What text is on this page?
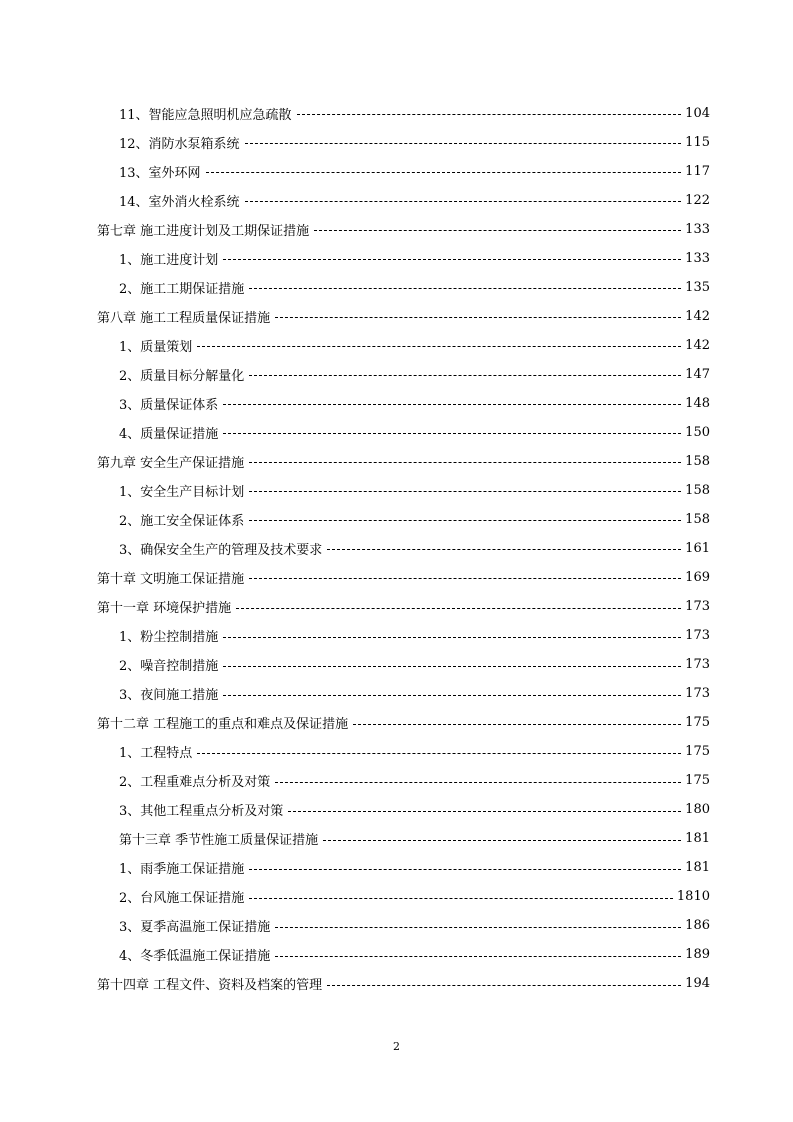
11、智能应急照明机应急疏散	104
12、消防水泵箱系统	115
13、室外环网	117
14、室外消火栓系统	122
第七章 施工进度计划及工期保证措施	133
1、施工进度计划	133
2、施工工期保证措施	135
第八章 施工工程质量保证措施	142
1、质量策划	142
2、质量目标分解量化	147
3、质量保证体系	148
4、质量保证措施	150
第九章 安全生产保证措施	158
1、安全生产目标计划	158
2、施工安全保证体系	158
3、确保安全生产的管理及技术要求	161
第十章 文明施工保证措施	169
第十一章 环境保护措施	173
1、粉尘控制措施	173
2、噪音控制措施	173
3、夜间施工措施	173
第十二章 工程施工的重点和难点及保证措施	175
1、工程特点	175
2、工程重难点分析及对策	175
3、其他工程重点分析及对策	180
第十三章 季节性施工质量保证措施	181
1、雨季施工保证措施	181
2、台风施工保证措施	1810
3、夏季高温施工保证措施	186
4、冬季低温施工保证措施	189
第十四章 工程文件、资料及档案的管理	194
2
